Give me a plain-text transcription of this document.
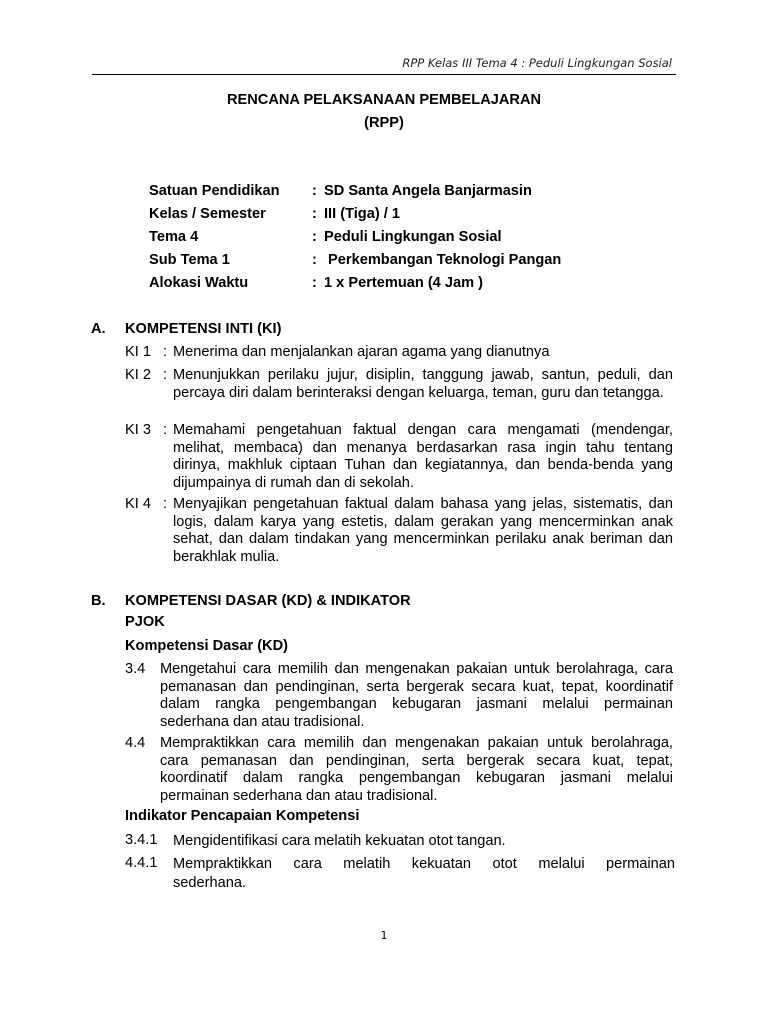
RPP Kelas III Tema 4 : Peduli Lingkungan Sosial
RENCANA PELAKSANAAN PEMBELAJARAN
(RPP)
Satuan Pendidikan : SD Santa Angela Banjarmasin
Kelas / Semester	: III (Tiga) / 1
Tema 4	: Peduli Lingkungan Sosial
Sub Tema 1	: Perkembangan Teknologi Pangan
Alokasi Waktu	: 1 x Pertemuan (4 Jam )
A. KOMPETENSI INTI (KI)
KI 1 : Menerima dan menjalankan ajaran agama yang dianutnya
KI 2 : Menunjukkan perilaku jujur, disiplin, tanggung jawab, santun, peduli, dan percaya diri dalam berinteraksi dengan keluarga, teman, guru dan tetangga.
KI 3 : Memahami pengetahuan faktual dengan cara mengamati (mendengar, melihat, membaca) dan menanya berdasarkan rasa ingin tahu tentang dirinya, makhluk ciptaan Tuhan dan kegiatannya, dan benda-benda yang dijumpainya di rumah dan di sekolah.
KI 4 : Menyajikan pengetahuan faktual dalam bahasa yang jelas, sistematis, dan logis, dalam karya yang estetis, dalam gerakan yang mencerminkan anak sehat, dan dalam tindakan yang mencerminkan perilaku anak beriman dan berakhlak mulia.
B. KOMPETENSI DASAR (KD) & INDIKATOR
PJOK
Kompetensi Dasar (KD)
3.4 Mengetahui cara memilih dan mengenakan pakaian untuk berolahraga, cara pemanasan dan pendinginan, serta bergerak secara kuat, tepat, koordinatif dalam rangka pengembangan kebugaran jasmani melalui permainan sederhana dan atau tradisional.
4.4 Mempraktikkan cara memilih dan mengenakan pakaian untuk berolahraga, cara pemanasan dan pendinginan, serta bergerak secara kuat, tepat, koordinatif dalam rangka pengembangan kebugaran jasmani melalui permainan sederhana dan atau tradisional.
Indikator Pencapaian Kompetensi
3.4.1 Mengidentifikasi cara melatih kekuatan otot tangan.
4.4.1 Mempraktikkan cara melatih kekuatan otot melalui permainan
sederhana.
1
